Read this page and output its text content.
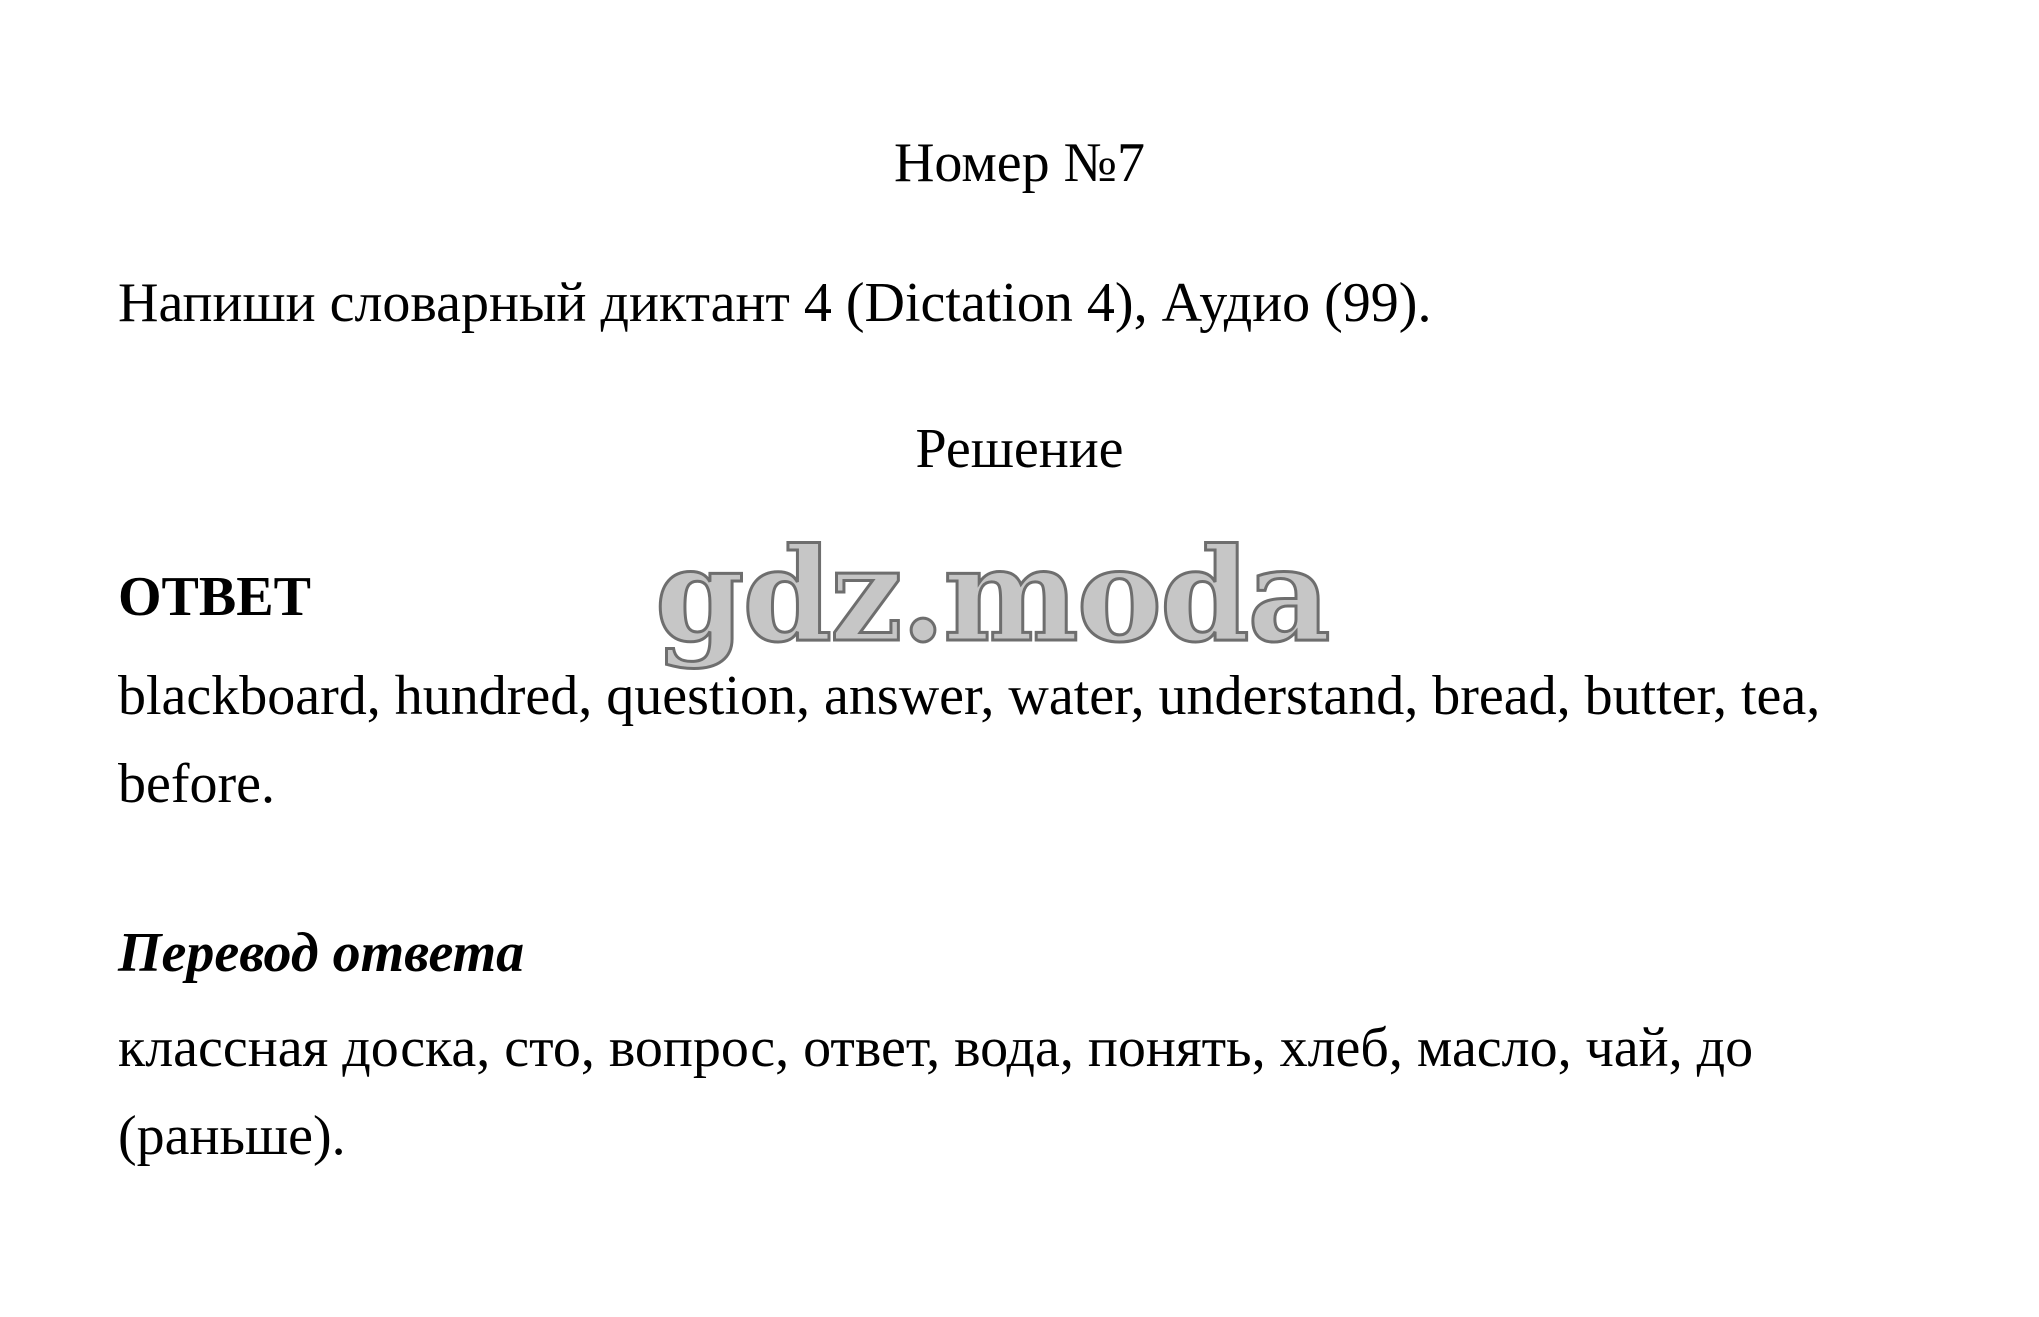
Номер №7
Напиши словарный диктант 4 (Dictation 4), Аудио (99).
Решение
ОТВЕТ	gdz.moda
blackboard, hundred, question, answer, water, understand, bread, butter, tea, before.
Перевод ответа
классная доска, сто, вопрос, ответ, вода, понять, хлеб, масло, чай, до (раньше).
